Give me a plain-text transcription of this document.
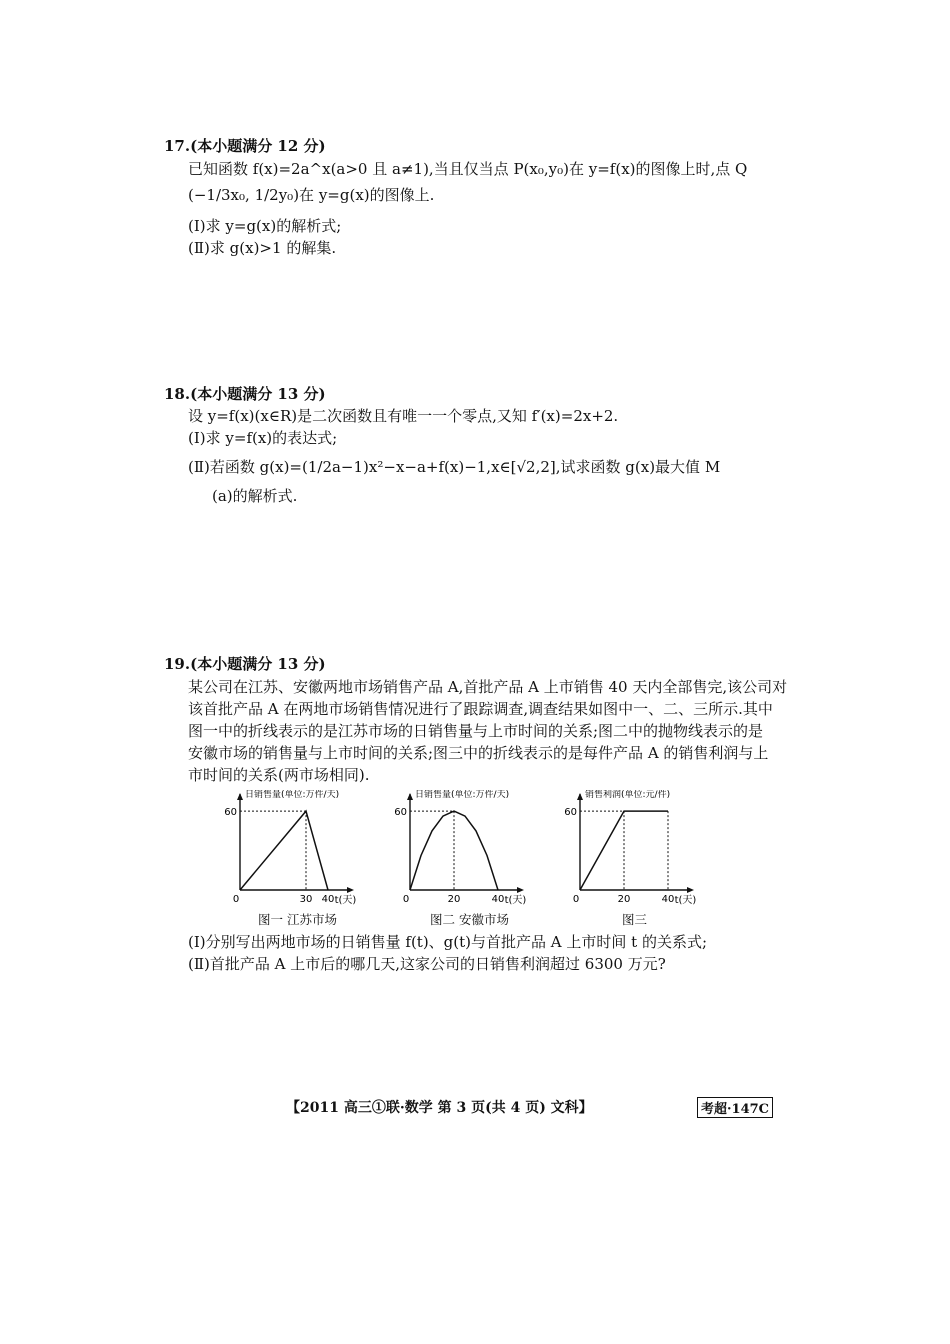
17.(本小题满分 12 分)
已知函数 f(x)=2a^x(a>0 且 a≠1),当且仅当点 P(x₀,y₀)在 y=f(x)的图像上时,点 Q
(−1/3x₀, 1/2y₀)在 y=g(x)的图像上.
(Ⅰ)求 y=g(x)的解析式;
(Ⅱ)求 g(x)>1 的解集.
18.(本小题满分 13 分)
设 y=f(x)(x∈R)是二次函数且有唯一一个零点,又知 f′(x)=2x+2.
(Ⅰ)求 y=f(x)的表达式;
(Ⅱ)若函数 g(x)=(1/2a−1)x²−x−a+f(x)−1,x∈[√2,2],试求函数 g(x)最大值 M
(a)的解析式.
19.(本小题满分 13 分)
某公司在江苏、安徽两地市场销售产品 A,首批产品 A 上市销售 40 天内全部售完,该公司对
该首批产品 A 在两地市场销售情况进行了跟踪调查,调查结果如图中一、二、三所示.其中
图一中的折线表示的是江苏市场的日销售量与上市时间的关系;图二中的抛物线表示的是
安徽市场的销售量与上市时间的关系;图三中的折线表示的是每件产品 A 的销售利润与上
市时间的关系(两市场相同).
日销售量(单位:万件/天)
60
0	30 40 t(天)
日销售量(单位:万件/天)
60
0	20	40 t(天)
销售利润(单位:元/件)
60
0	20	40 t(天)
图一 江苏市场	图二 安徽市场	图三
(Ⅰ)分别写出两地市场的日销售量 f(t)、g(t)与首批产品 A 上市时间 t 的关系式;
(Ⅱ)首批产品 A 上市后的哪几天,这家公司的日销售利润超过 6300 万元?
【2011 高三①联·数学 第 3 页(共 4 页) 文科】	考超·147C
